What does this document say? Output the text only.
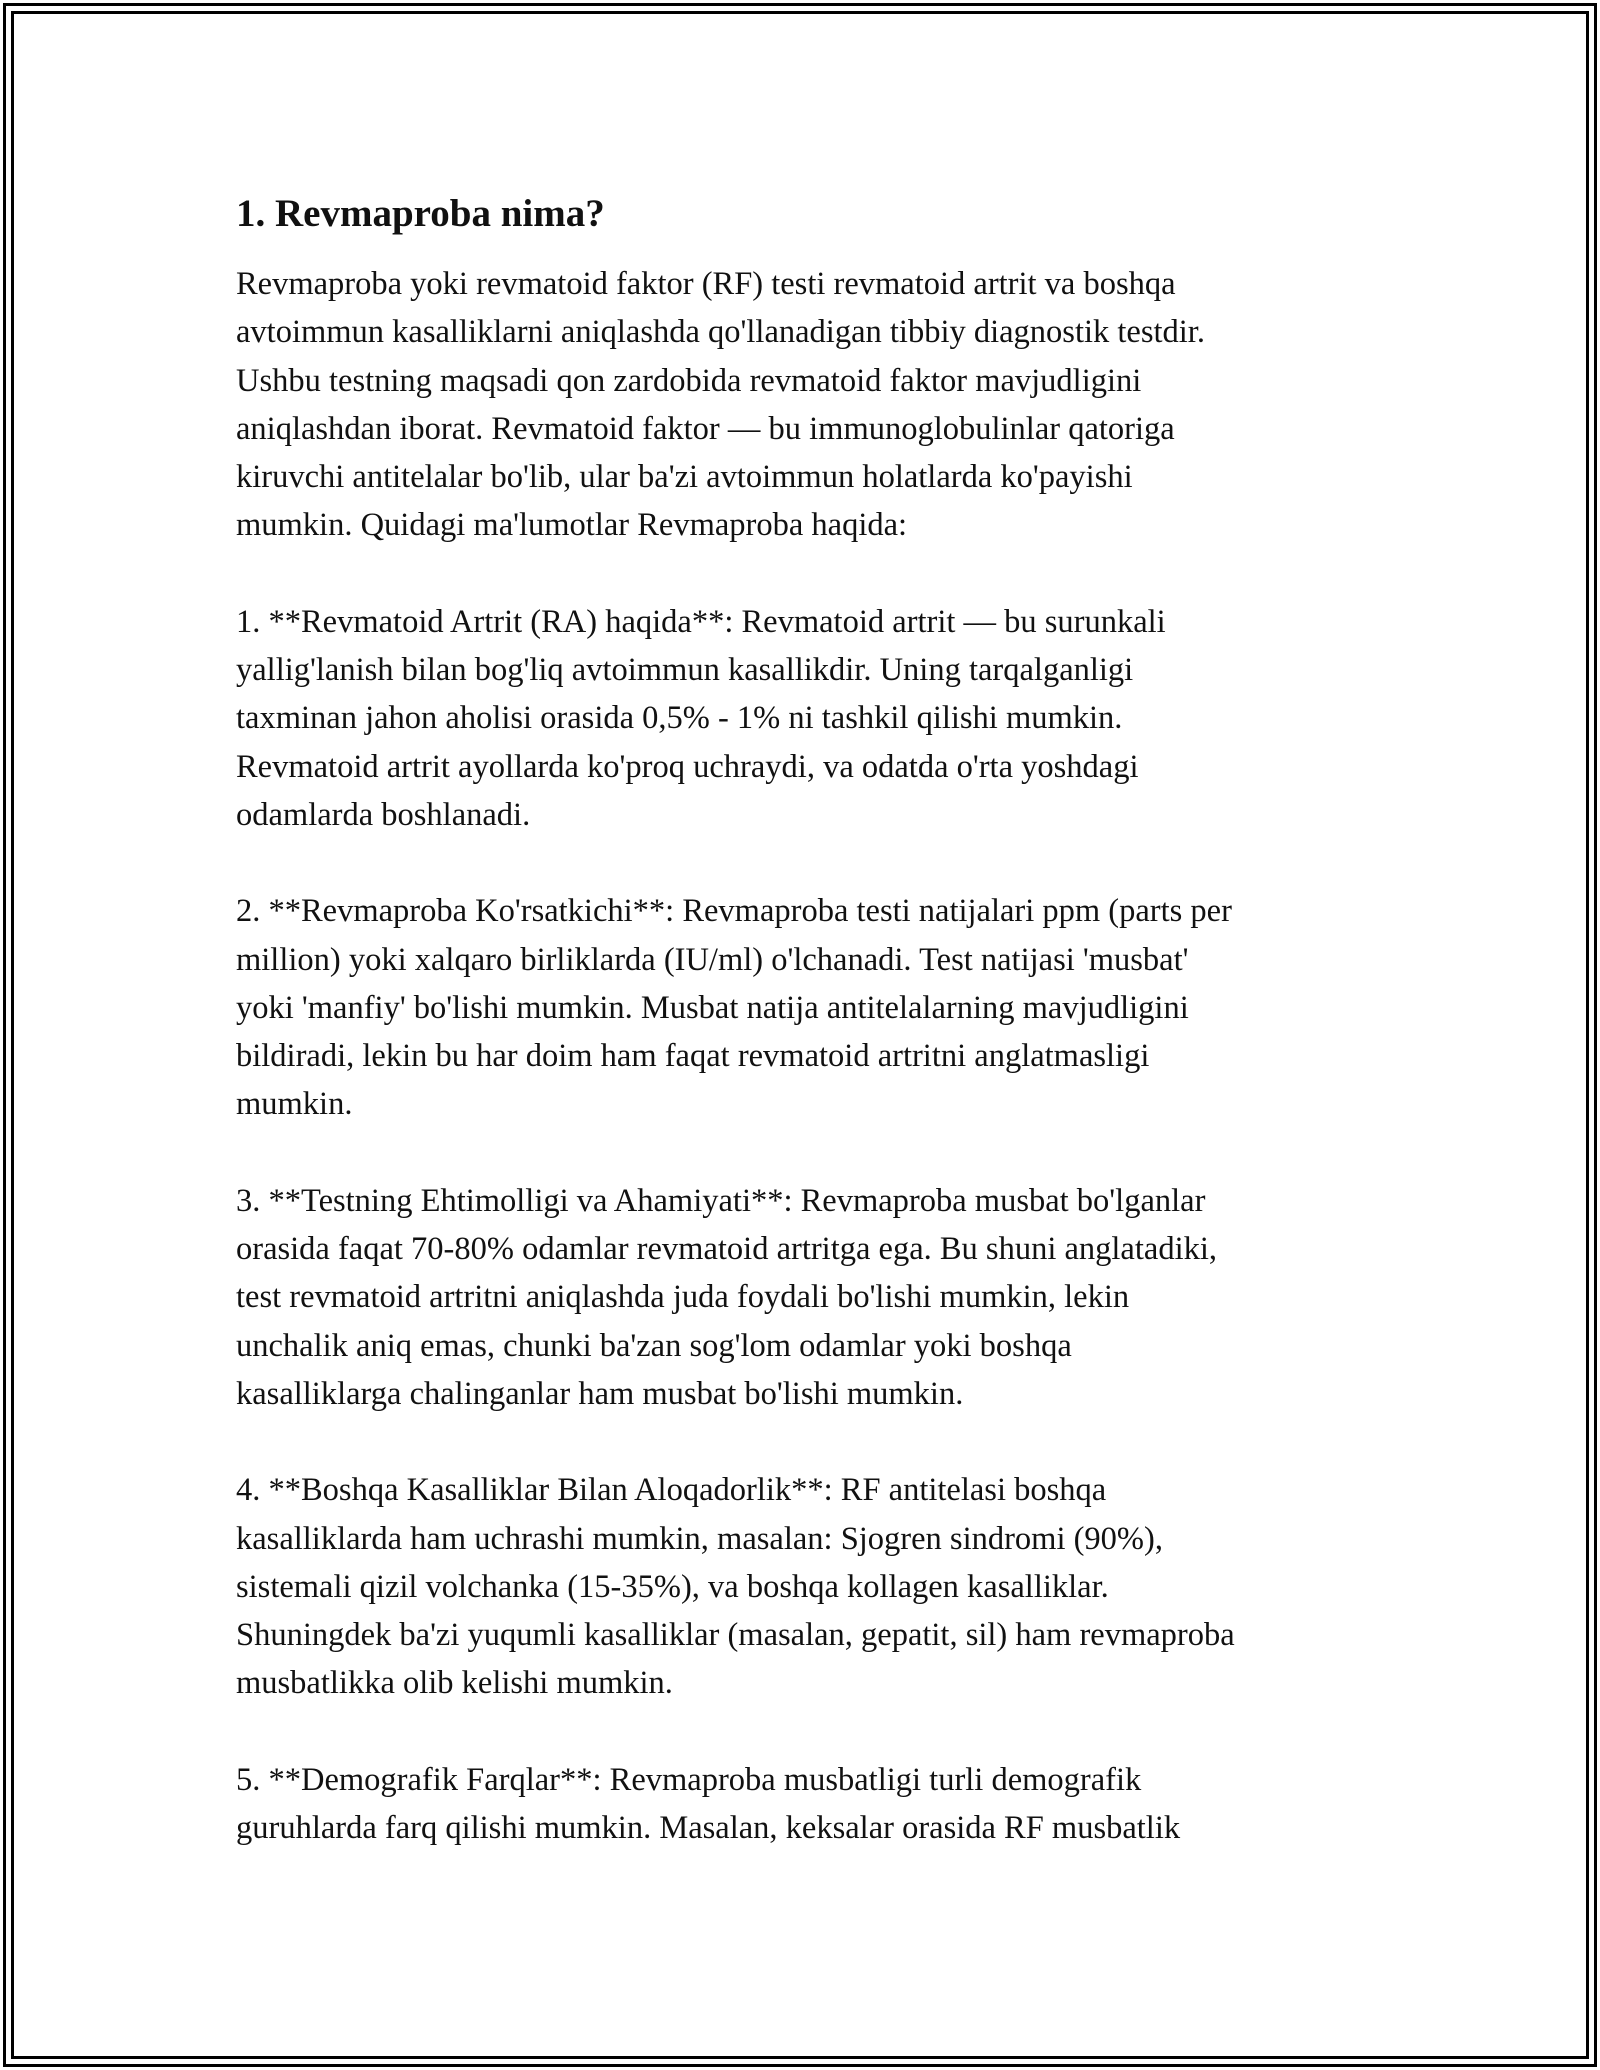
1. Revmaproba nima?

Revmaproba yoki revmatoid faktor (RF) testi revmatoid artrit va boshqa
avtoimmun kasalliklarni aniqlashda qo'llanadigan tibbiy diagnostik testdir.
Ushbu testning maqsadi qon zardobida revmatoid faktor mavjudligini
aniqlashdan iborat. Revmatoid faktor — bu immunoglobulinlar qatoriga
kiruvchi antitelalar bo'lib, ular ba'zi avtoimmun holatlarda ko'payishi
mumkin. Quidagi ma'lumotlar Revmaproba haqida:

1. **Revmatoid Artrit (RA) haqida**: Revmatoid artrit — bu surunkali
yallig'lanish bilan bog'liq avtoimmun kasallikdir. Uning tarqalganligi
taxminan jahon aholisi orasida 0,5% - 1% ni tashkil qilishi mumkin.
Revmatoid artrit ayollarda ko'proq uchraydi, va odatda o'rta yoshdagi
odamlarda boshlanadi.

2. **Revmaproba Ko'rsatkichi**: Revmaproba testi natijalari ppm (parts per
million) yoki xalqaro birliklarda (IU/ml) o'lchanadi. Test natijasi 'musbat'
yoki 'manfiy' bo'lishi mumkin. Musbat natija antitelalarning mavjudligini
bildiradi, lekin bu har doim ham faqat revmatoid artritni anglatmasligi
mumkin.

3. **Testning Ehtimolligi va Ahamiyati**: Revmaproba musbat bo'lganlar
orasida faqat 70-80% odamlar revmatoid artritga ega. Bu shuni anglatadiki,
test revmatoid artritni aniqlashda juda foydali bo'lishi mumkin, lekin
unchalik aniq emas, chunki ba'zan sog'lom odamlar yoki boshqa
kasalliklarga chalinganlar ham musbat bo'lishi mumkin.

4. **Boshqa Kasalliklar Bilan Aloqadorlik**: RF antitelasi boshqa
kasalliklarda ham uchrashi mumkin, masalan: Sjogren sindromi (90%),
sistemali qizil volchanka (15-35%), va boshqa kollagen kasalliklar.
Shuningdek ba'zi yuqumli kasalliklar (masalan, gepatit, sil) ham revmaproba
musbatlikka olib kelishi mumkin.

5. **Demografik Farqlar**: Revmaproba musbatligi turli demografik
guruhlarda farq qilishi mumkin. Masalan, keksalar orasida RF musbatlik
